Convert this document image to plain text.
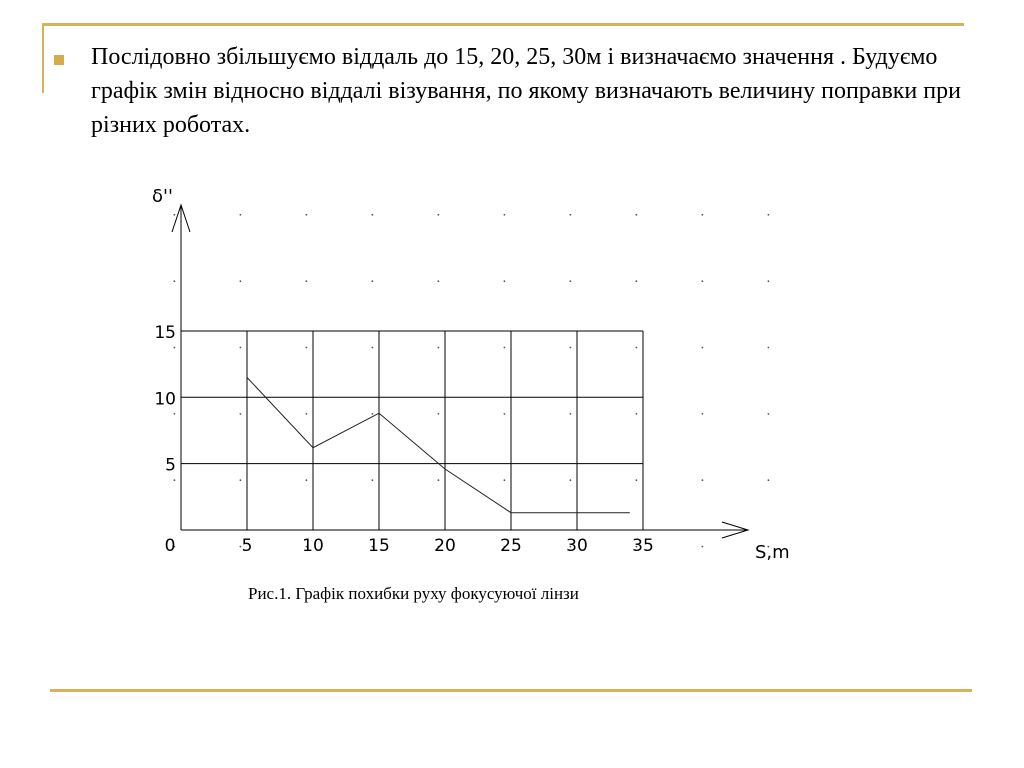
Послідовно збільшуємо віддаль до 15, 20, 25, 30м і визначаємо значення . Будуємо графік змін відносно віддалі візування, по якому визначають величину поправки при різних роботах.

0	5	10	15	20	25	30	35
5
10
15
δ''
S,m

Рис.1. Графік похибки руху фокусуючої лінзи
